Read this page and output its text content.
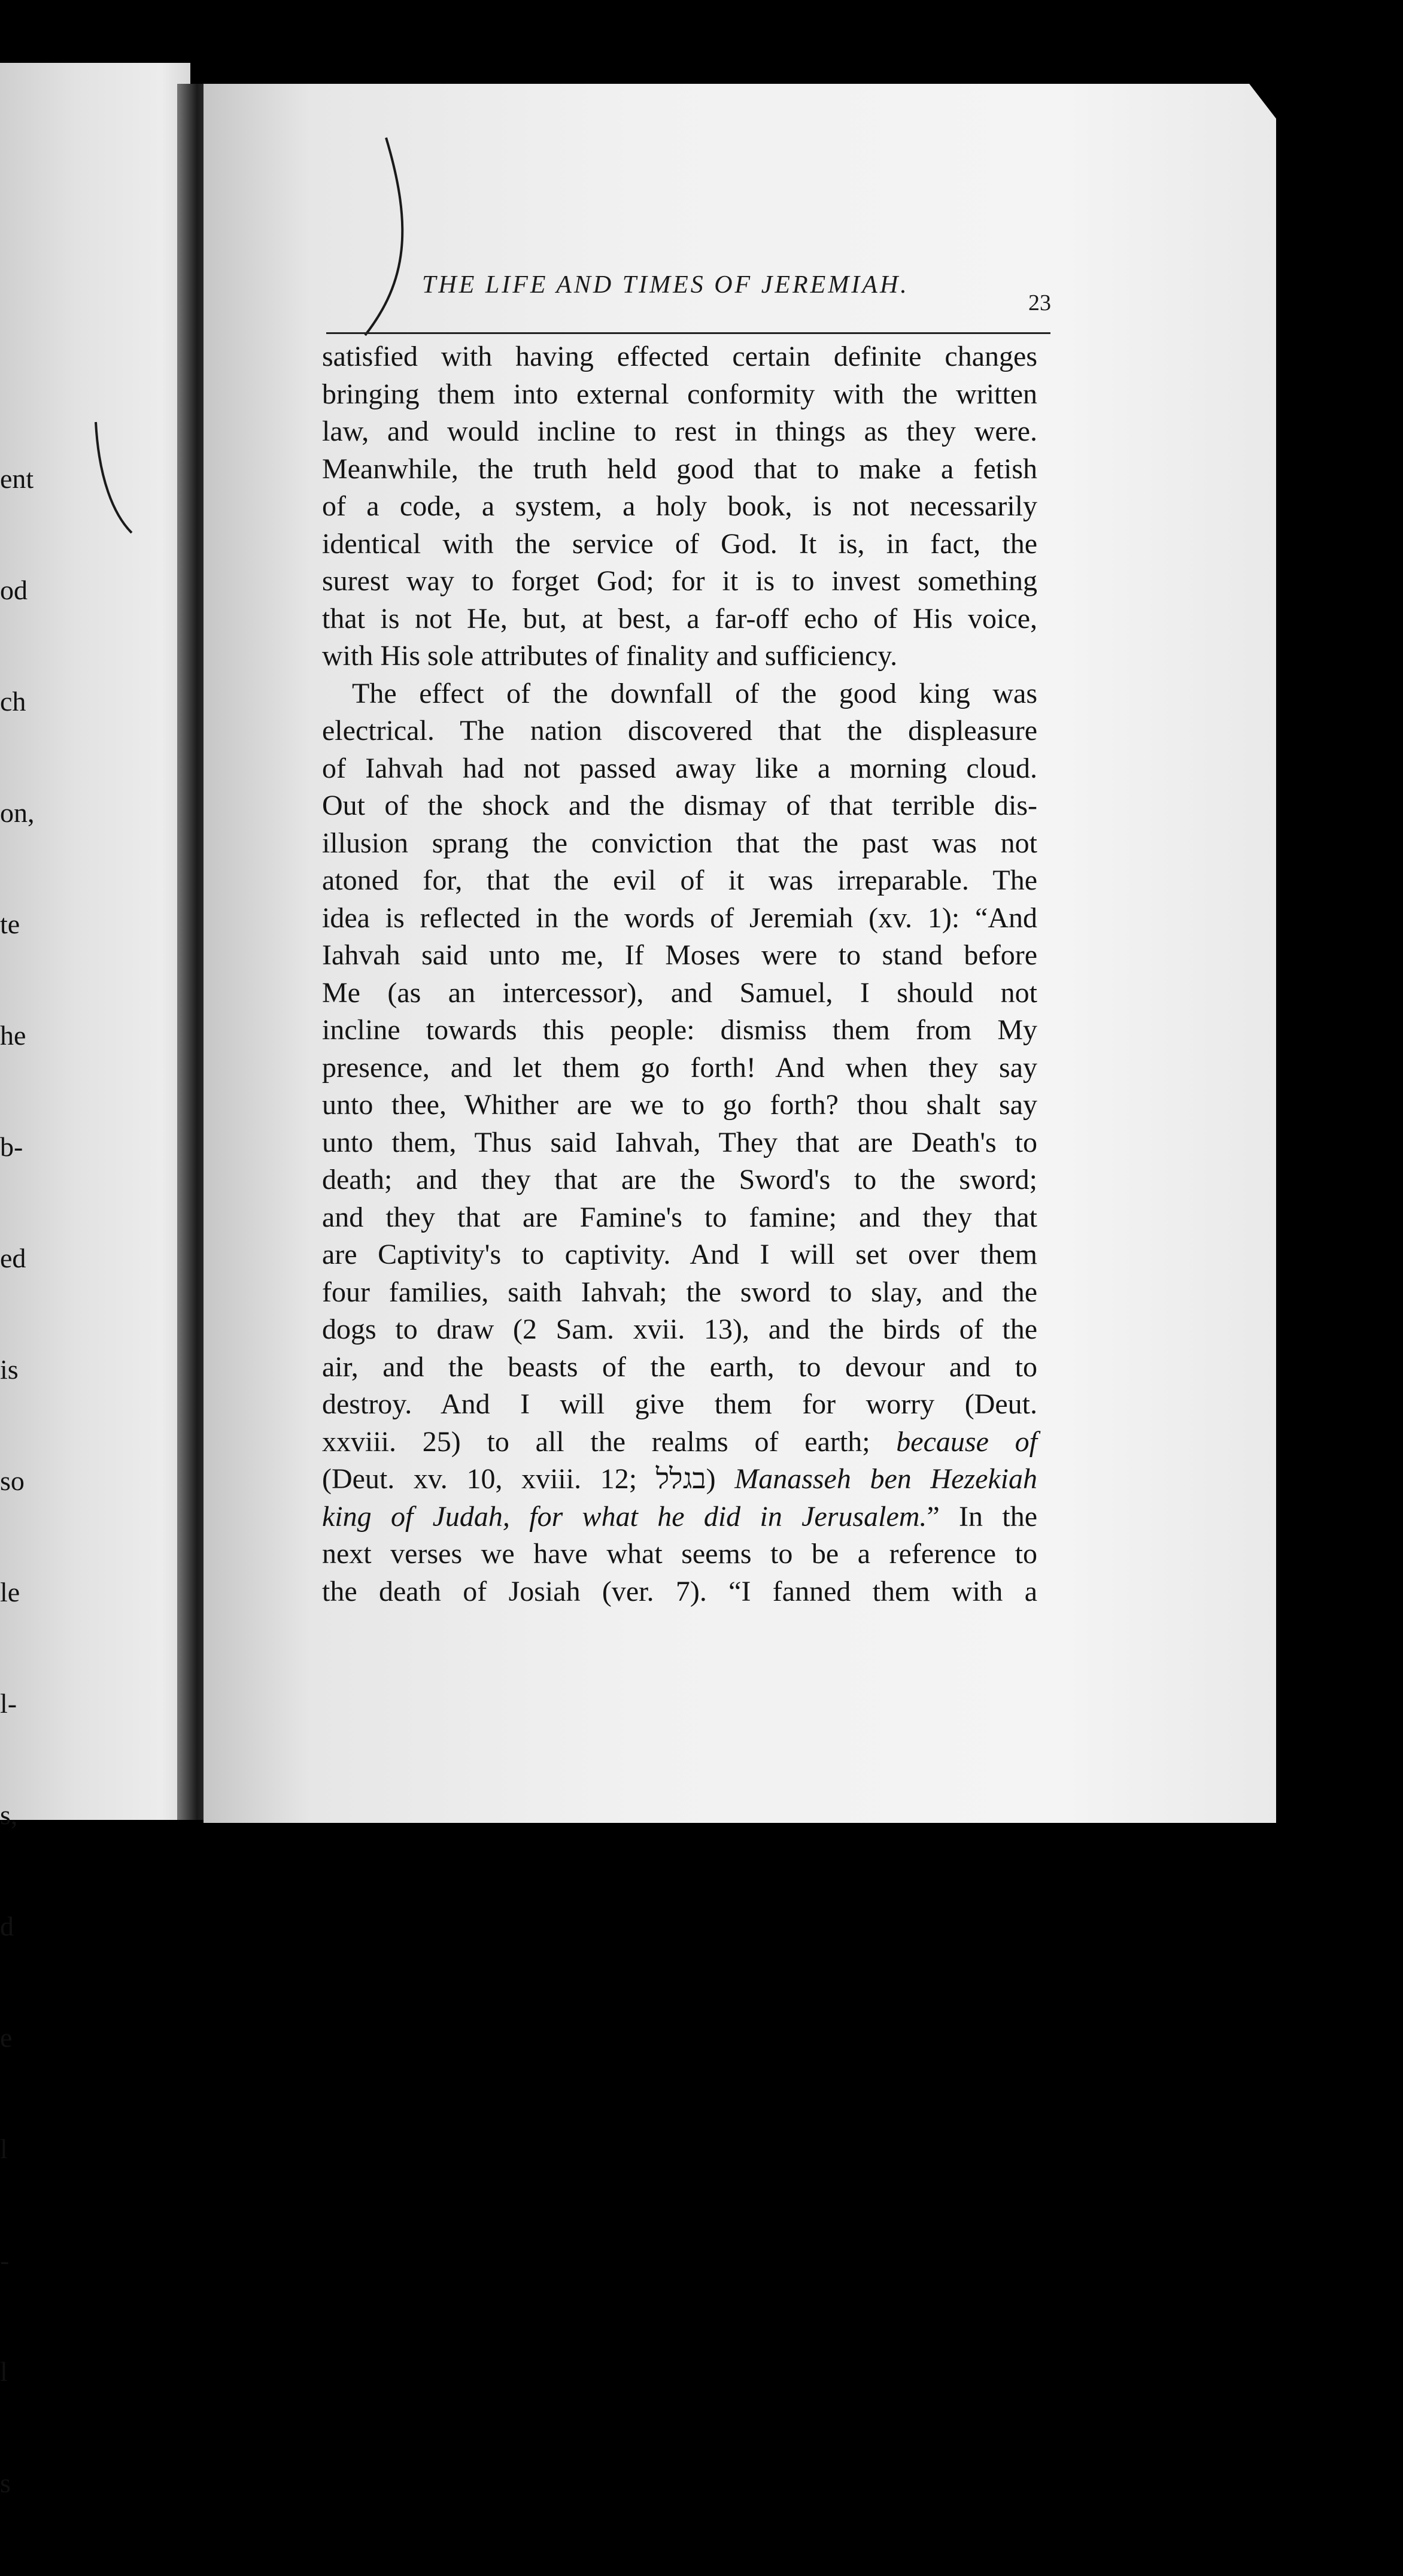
ent

od

ch

on,

te

he

b-

ed

is

so

le

l-

s,

d

e

l

-

l

s

THE LIFE AND TIMES OF JEREMIAH.
23
satisfied with having effected certain definite changes
bringing them into external conformity with the written
law, and would incline to rest in things as they were.
Meanwhile, the truth held good that to make a fetish
of a code, a system, a holy book, is not necessarily
identical with the service of God. It is, in fact, the
surest way to forget God; for it is to invest something
that is not He, but, at best, a far-off echo of His voice,
with His sole attributes of finality and sufficiency.
The effect of the downfall of the good king was
electrical. The nation discovered that the displeasure
of Iahvah had not passed away like a morning cloud.
Out of the shock and the dismay of that terrible dis-
illusion sprang the conviction that the past was not
atoned for, that the evil of it was irreparable. The
idea is reflected in the words of Jeremiah (xv. 1): “And
Iahvah said unto me, If Moses were to stand before
Me (as an intercessor), and Samuel, I should not
incline towards this people: dismiss them from My
presence, and let them go forth! And when they say
unto thee, Whither are we to go forth? thou shalt say
unto them, Thus said Iahvah, They that are Death's to
death; and they that are the Sword's to the sword;
and they that are Famine's to famine; and they that
are Captivity's to captivity. And I will set over them
four families, saith Iahvah; the sword to slay, and the
dogs to draw (2 Sam. xvii. 13), and the birds of the
air, and the beasts of the earth, to devour and to
destroy. And I will give them for worry (Deut.
xxviii. 25) to all the realms of earth; because of
(Deut. xv. 10, xviii. 12; בגלל) Manasseh ben Hezekiah
king of Judah, for what he did in Jerusalem.” In the
next verses we have what seems to be a reference to
the death of Josiah (ver. 7). “I fanned them with a
